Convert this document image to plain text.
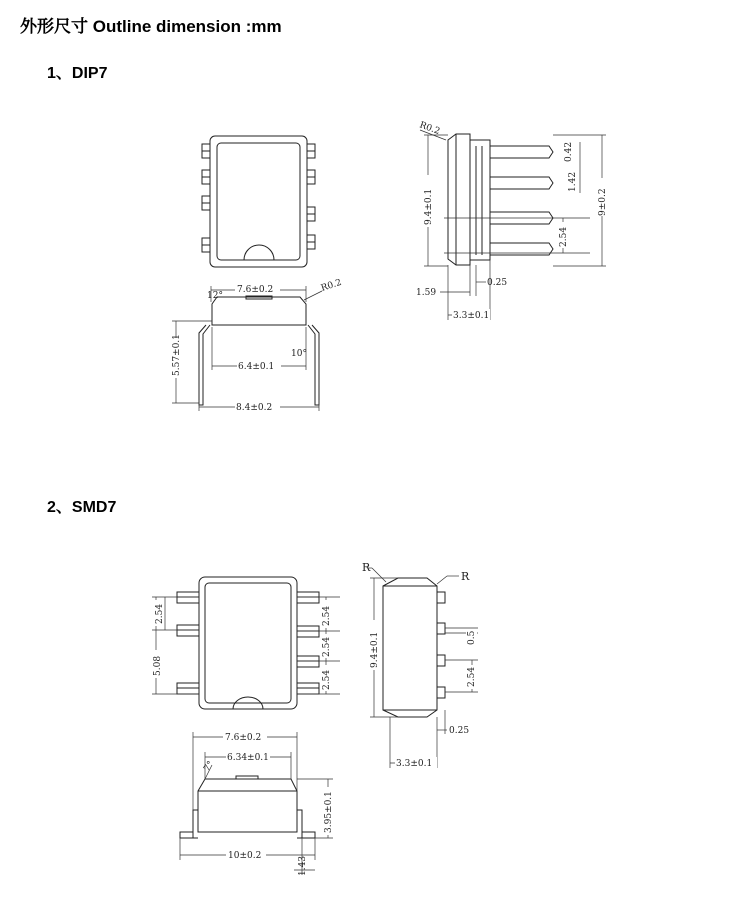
外形尺寸 Outline dimension :mm
1、DIP7
2、SMD7
7.6±0.2	R0.2
12°
10°
5.57±0.1	6.4±0.1
8.4±0.2
R0.2
9.4±0.1
0.42
1.42
2.54
9±0.2
0.25
1.59
3.3±0.1
2.54
5.08
2.54
2.54
2.54
R
R
9.4±0.1	0.5
2.54
0.25
3.3±0.1
7.6±0.2
6.34±0.1
7°
3.95±0.1
10±0.2	1.43
